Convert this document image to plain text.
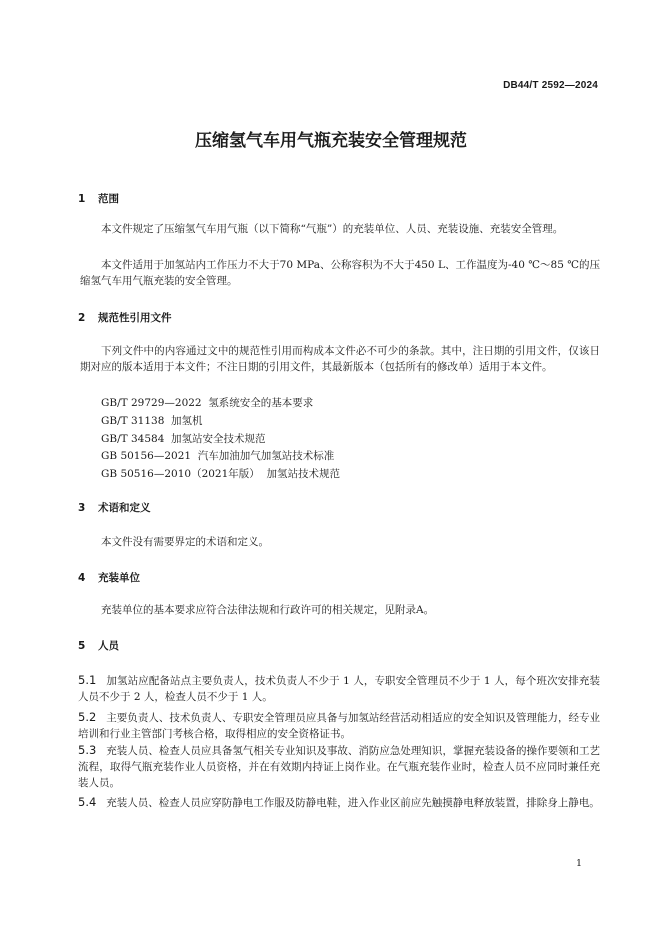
DB44/T 2592—2024
压缩氢气车用气瓶充装安全管理规范
1 范围
本文件规定了压缩氢气车用气瓶（以下简称“气瓶”）的充装单位、人员、充装设施、充装安全管理。
本文件适用于加氢站内工作压力不大于70 MPa、公称容积为不大于450 L、工作温度为-40 ℃～85 ℃的压缩氢气车用气瓶充装的安全管理。
2 规范性引用文件
下列文件中的内容通过文中的规范性引用而构成本文件必不可少的条款。其中，注日期的引用文件，仅该日期对应的版本适用于本文件；不注日期的引用文件，其最新版本（包括所有的修改单）适用于本文件。
GB/T 29729—2022  氢系统安全的基本要求
GB/T 31138  加氢机
GB/T 34584  加氢站安全技术规范
GB 50156—2021  汽车加油加气加氢站技术标准
GB 50516—2010（2021年版）  加氢站技术规范
3 术语和定义
本文件没有需要界定的术语和定义。
4 充装单位
充装单位的基本要求应符合法律法规和行政许可的相关规定，见附录A。
5 人员
5.1 加氢站应配备站点主要负责人，技术负责人不少于 1 人，专职安全管理员不少于 1 人，每个班次安排充装人员不少于 2 人，检查人员不少于 1 人。
5.2 主要负责人、技术负责人、专职安全管理员应具备与加氢站经营活动相适应的安全知识及管理能力，经专业培训和行业主管部门考核合格，取得相应的安全资格证书。
5.3 充装人员、检查人员应具备氢气相关专业知识及事故、消防应急处理知识，掌握充装设备的操作要领和工艺流程，取得气瓶充装作业人员资格，并在有效期内持证上岗作业。在气瓶充装作业时，检查人员不应同时兼任充装人员。
5.4 充装人员、检查人员应穿防静电工作服及防静电鞋，进入作业区前应先触摸静电释放装置，排除身上静电。
1
